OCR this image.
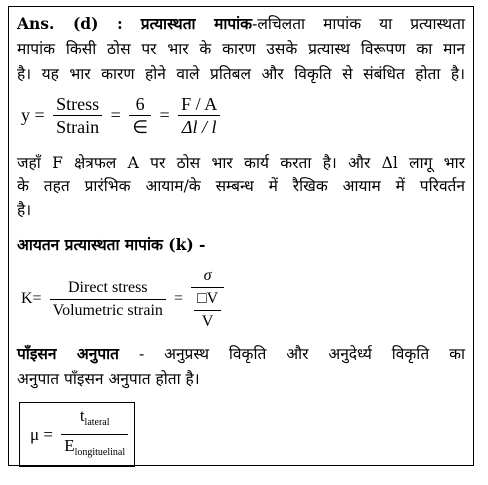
Ans. (d) : प्रत्यास्थता मापांक-लचिलता मापांक या प्रत्यास्थता
मापांक किसी ठोस पर भार के कारण उसके प्रत्यास्थ विरूपण का मान
है। यह भार कारण होने वाले प्रतिबल और विकृति से संबंधित होता है।
$y = \frac{\text{Stress}}{\text{Strain}} = \frac{6}{\in} = \frac{F / A}{\Delta l / l}$
जहाँ F क्षेत्रफल A पर ठोस भार कार्य करता है। और Δl लागू भार
के तहत प्रारंभिक आयाम/के सम्बन्ध में रैखिक आयाम में परिवर्तन
है।
आयतन प्रत्यास्थता मापांक (k) -
$K= \frac{\text{Direct stress}}{\text{Volumetric strain}} = \frac{\sigma}{\frac{□V}{V}}$
पाँइसन अनुपात - अनुप्रस्थ विकृति और अनुदेर्ध्य विकृति का
अनुपात पाँइसन अनुपात होता है।
$\mu = \frac{t_{lateral}}{E_{longituelinal}}$
